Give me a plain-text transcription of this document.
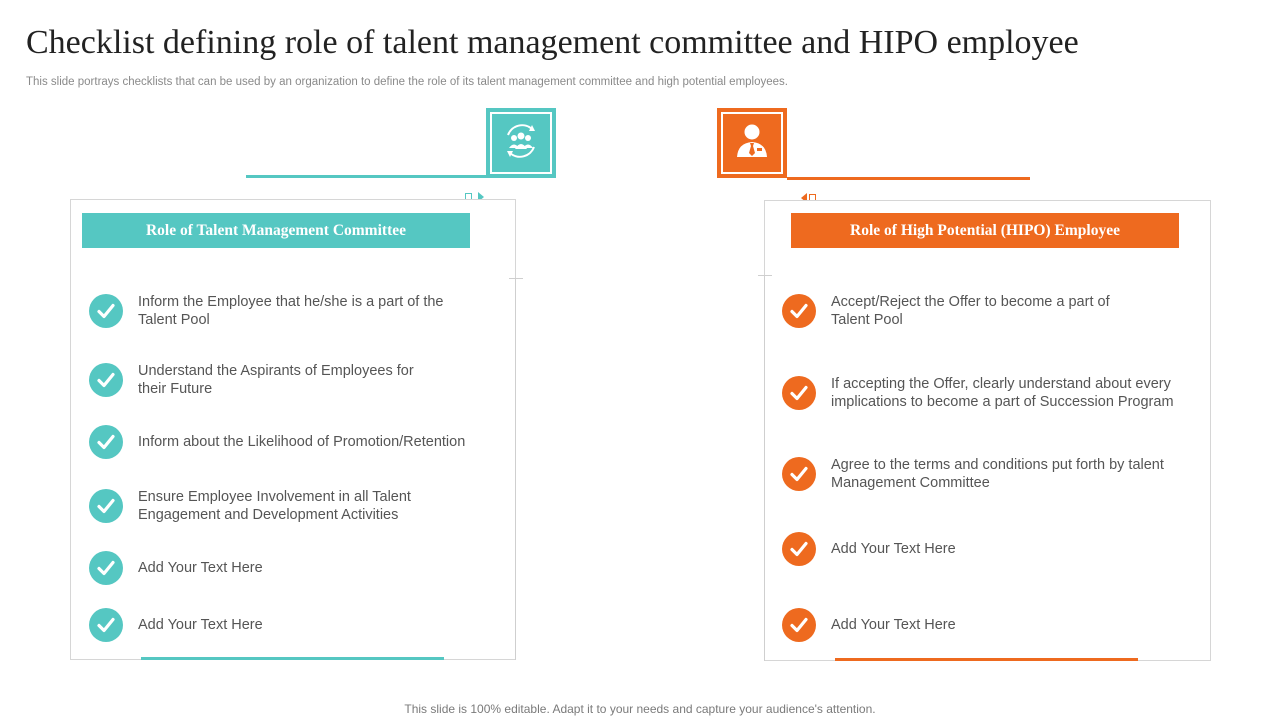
Checklist defining role of talent management committee and HIPO employee
This slide portrays checklists that can be used by an organization to define the role of its talent management committee and high potential employees.
Role of Talent Management Committee
Inform the Employee that he/she is a part of the Talent Pool
Understand the Aspirants of Employees for their Future
Inform about the Likelihood of Promotion/Retention
Ensure Employee Involvement in all Talent Engagement and Development Activities
Add Your Text Here
Add Your Text Here
Role of High Potential (HIPO) Employee
Accept/Reject the Offer to become a part of Talent Pool
If accepting the Offer, clearly understand about every implications to become a part of Succession Program
Agree to the terms and conditions put forth by talent Management Committee
Add Your Text Here
Add Your Text Here
This slide is 100% editable. Adapt it to your needs and capture your audience's attention.
